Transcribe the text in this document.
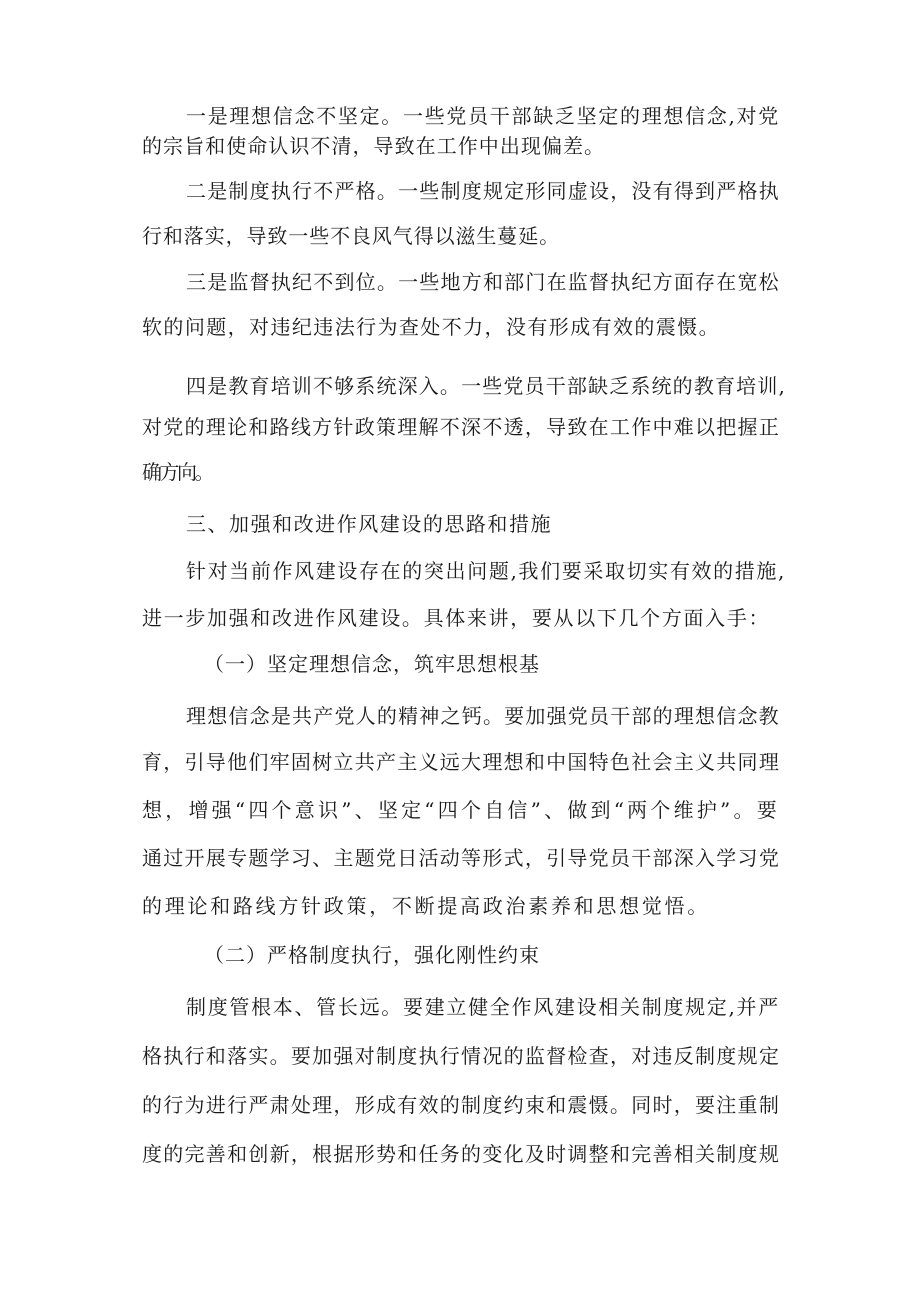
一是理想信念不坚定。一些党员干部缺乏坚定的理想信念,对党

的宗旨和使命认识不清，导致在工作中出现偏差。

二是制度执行不严格。一些制度规定形同虚设，没有得到严格执

行和落实，导致一些不良风气得以滋生蔓延。

三是监督执纪不到位。一些地方和部门在监督执纪方面存在宽松

软的问题，对违纪违法行为查处不力，没有形成有效的震慑。

四是教育培训不够系统深入。一些党员干部缺乏系统的教育培训,

对党的理论和路线方针政策理解不深不透，导致在工作中难以把握正

确方向。

三、加强和改进作风建设的思路和措施

针对当前作风建设存在的突出问题,我们要采取切实有效的措施,

进一步加强和改进作风建设。具体来讲，要从以下几个方面入手：

（一）坚定理想信念，筑牢思想根基

理想信念是共产党人的精神之钙。要加强党员干部的理想信念教

育，引导他们牢固树立共产主义远大理想和中国特色社会主义共同理

想，增强“四个意识”、坚定“四个自信”、做到“两个维护”。要

通过开展专题学习、主题党日活动等形式，引导党员干部深入学习党

的理论和路线方针政策，不断提高政治素养和思想觉悟。

（二）严格制度执行，强化刚性约束

制度管根本、管长远。要建立健全作风建设相关制度规定,并严

格执行和落实。要加强对制度执行情况的监督检查，对违反制度规定

的行为进行严肃处理，形成有效的制度约束和震慑。同时，要注重制

度的完善和创新，根据形势和任务的变化及时调整和完善相关制度规
